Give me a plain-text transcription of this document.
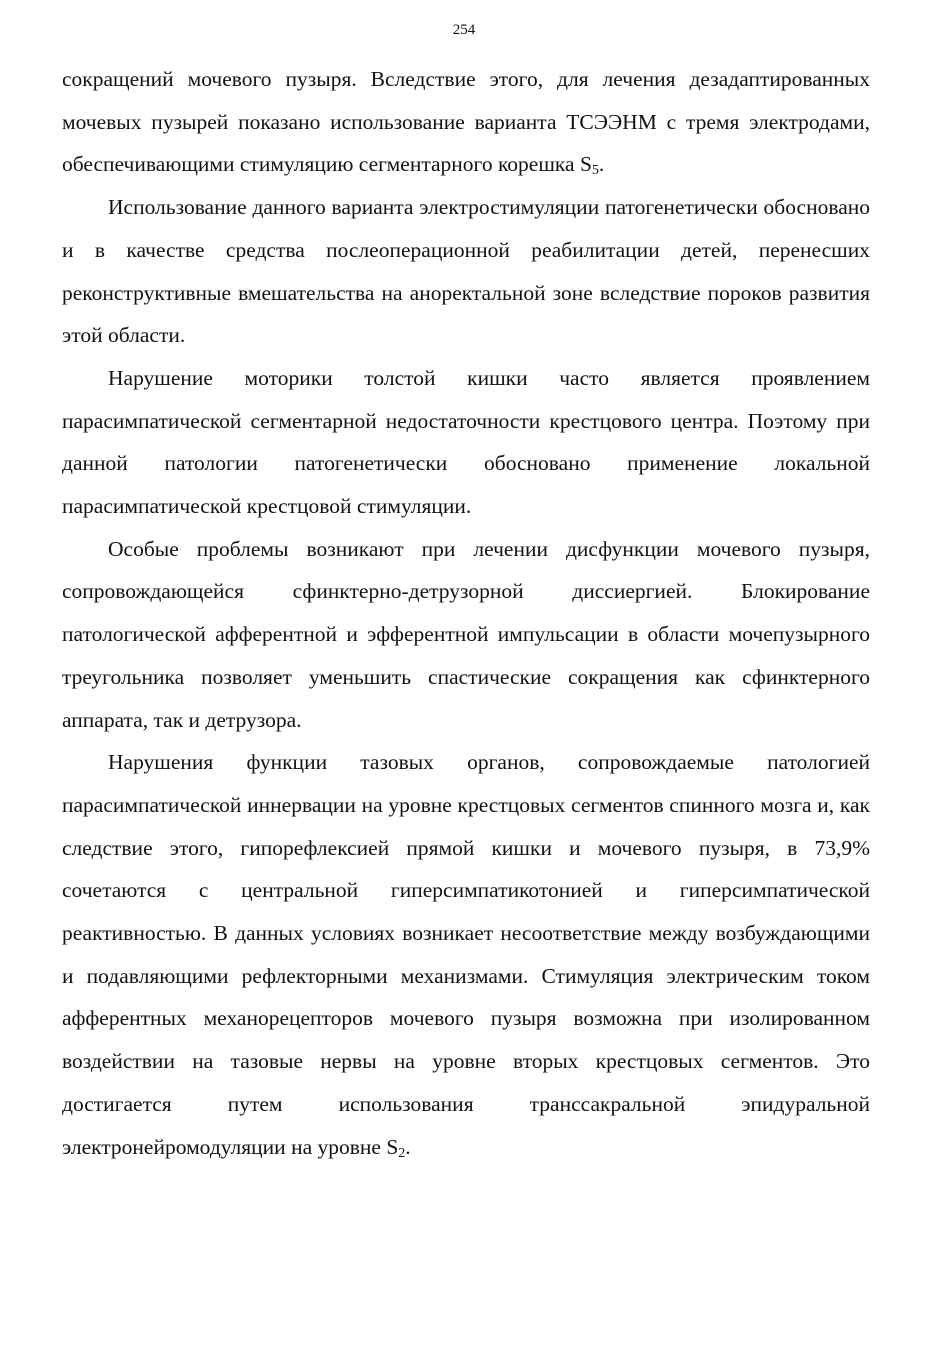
254

сокращений мочевого пузыря. Вследствие этого, для лечения дезадаптированных мочевых пузырей показано использование варианта ТСЭЭНМ с тремя электродами, обеспечивающими стимуляцию сегментарного корешка $S_5$.

Использование данного варианта электростимуляции патогенетически обосновано и в качестве средства послеоперационной реабилитации детей, перенесших реконструктивные вмешательства на аноректальной зоне вследствие пороков развития этой области.

Нарушение моторики толстой кишки часто является проявлением парасимпатической сегментарной недостаточности крестцового центра. Поэтому при данной патологии патогенетически обосновано применение локальной парасимпатической крестцовой стимуляции.

Особые проблемы возникают при лечении дисфункции мочевого пузыря, сопровождающейся сфинктерно-детрузорной диссиергией. Блокирование патологической афферентной и эфферентной импульсации в области мочепузырного треугольника позволяет уменьшить спастические сокращения как сфинктерного аппарата, так и детрузора.

Нарушения функции тазовых органов, сопровождаемые патологией парасимпатической иннервации на уровне крестцовых сегментов спинного мозга и, как следствие этого, гипорефлексией прямой кишки и мочевого пузыря, в 73,9% сочетаются с центральной гиперсимпатикотонией и гиперсимпатической реактивностью. В данных условиях возникает несоответствие между возбуждающими и подавляющими рефлекторными механизмами. Стимуляция электрическим током афферентных механорецепторов мочевого пузыря возможна при изолированном воздействии на тазовые нервы на уровне вторых крестцовых сегментов. Это достигается путем использования транссакральной эпидуральной электронейромодуляции на уровне $S_2$.
